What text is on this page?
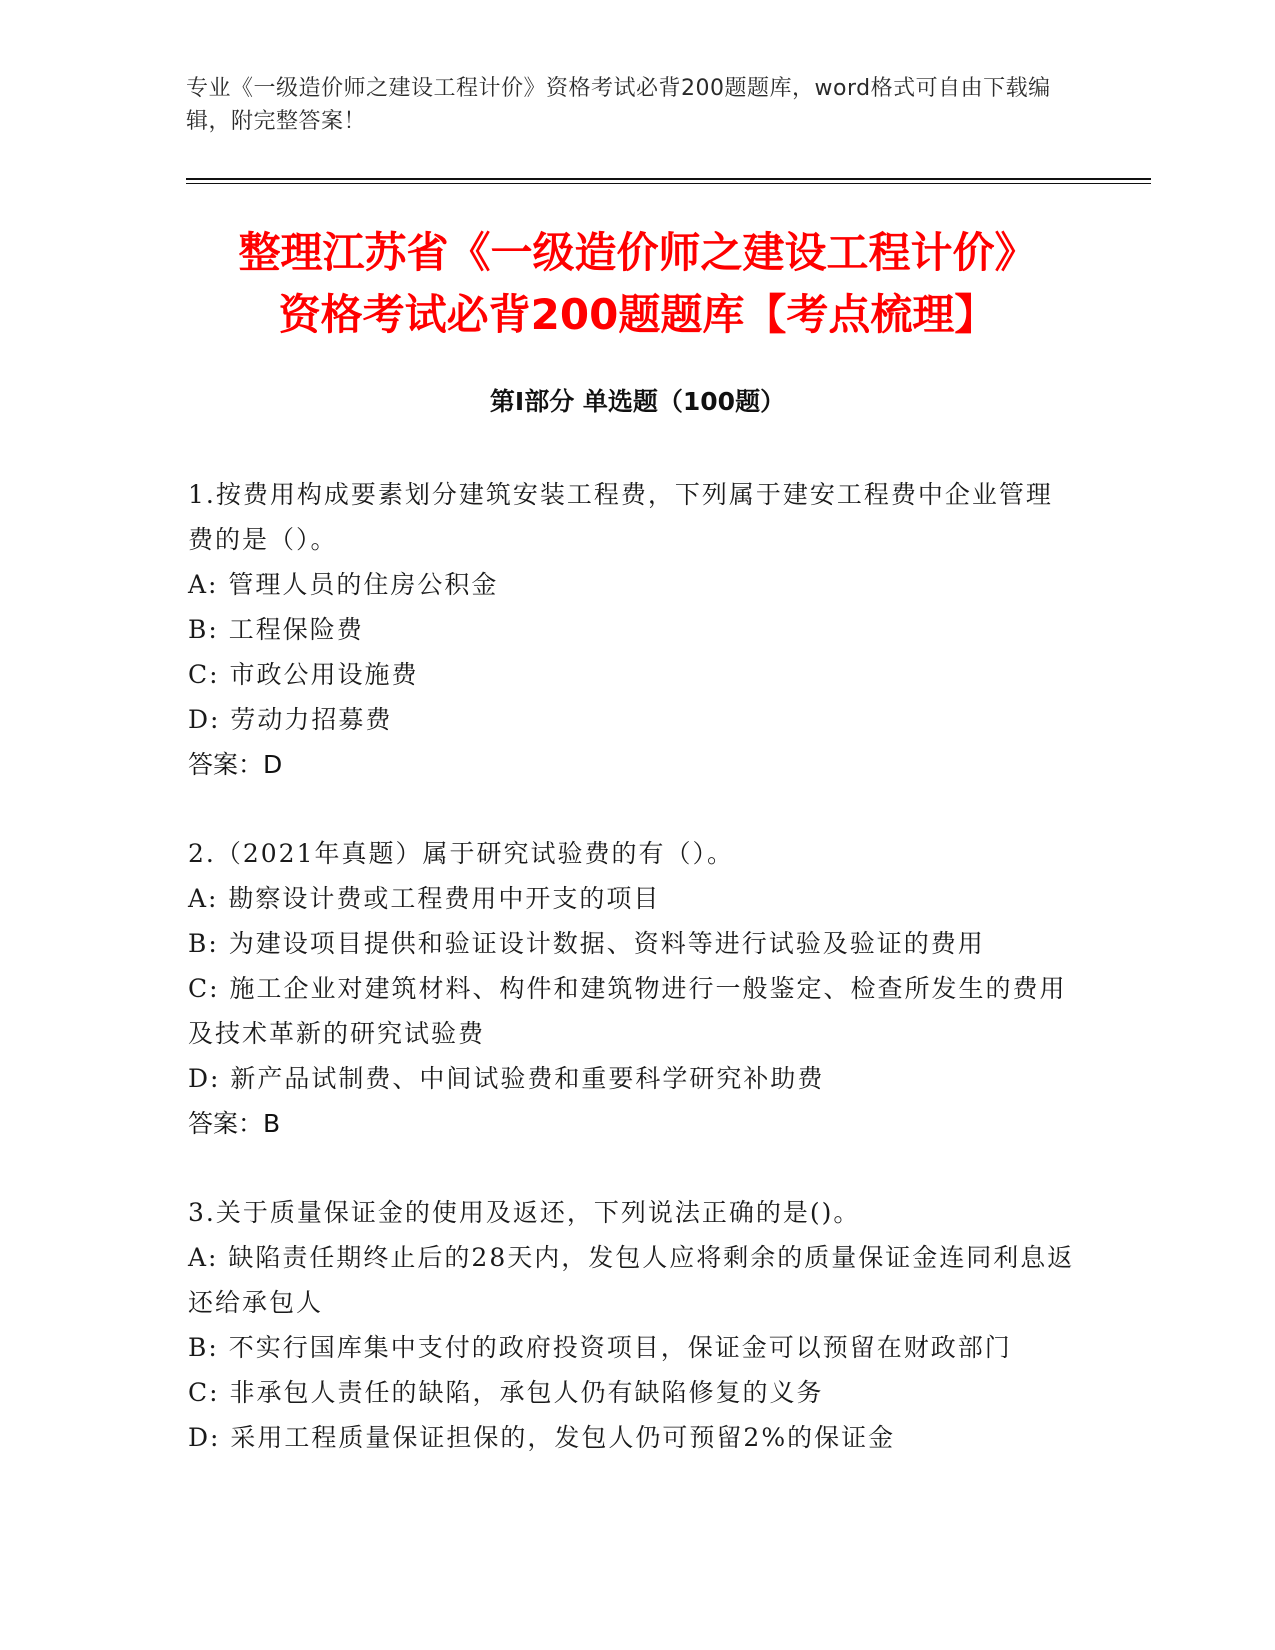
专业《一级造价师之建设工程计价》资格考试必背200题题库，word格式可自由下载编辑，附完整答案！
整理江苏省《一级造价师之建设工程计价》
资格考试必背200题题库【考点梳理】
第Ⅰ部分 单选题（100题）
1.按费用构成要素划分建筑安装工程费，下列属于建安工程费中企业管理费的是（）。
A: 管理人员的住房公积金
B: 工程保险费
C: 市政公用设施费
D: 劳动力招募费
答案：D
2.（2021年真题）属于研究试验费的有（）。
A: 勘察设计费或工程费用中开支的项目
B: 为建设项目提供和验证设计数据、资料等进行试验及验证的费用
C: 施工企业对建筑材料、构件和建筑物进行一般鉴定、检查所发生的费用及技术革新的研究试验费
D: 新产品试制费、中间试验费和重要科学研究补助费
答案：B
3.关于质量保证金的使用及返还，下列说法正确的是()。
A: 缺陷责任期终止后的28天内，发包人应将剩余的质量保证金连同利息返还给承包人
B: 不实行国库集中支付的政府投资项目，保证金可以预留在财政部门
C: 非承包人责任的缺陷，承包人仍有缺陷修复的义务
D: 采用工程质量保证担保的，发包人仍可预留2%的保证金
